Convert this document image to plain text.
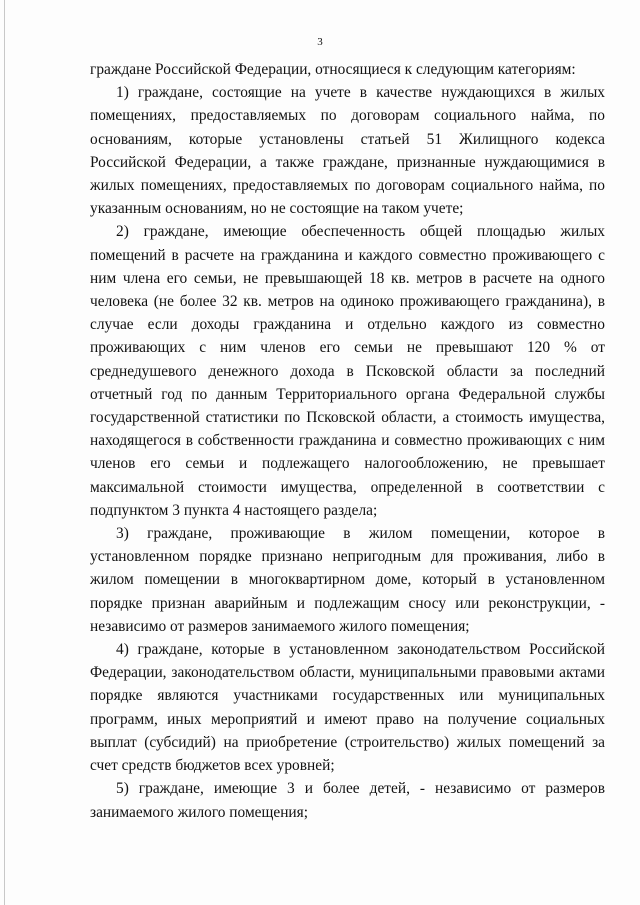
3

граждане Российской Федерации, относящиеся к следующим категориям:

1) граждане, состоящие на учете в качестве нуждающихся в жилых помещениях, предоставляемых по договорам социального найма, по основаниям, которые установлены статьей 51 Жилищного кодекса Российской Федерации, а также граждане, признанные нуждающимися в жилых помещениях, предоставляемых по договорам социального найма, по указанным основаниям, но не состоящие на таком учете;

2) граждане, имеющие обеспеченность общей площадью жилых помещений в расчете на гражданина и каждого совместно проживающего с ним члена его семьи, не превышающей 18 кв. метров в расчете на одного человека (не более 32 кв. метров на одиноко проживающего гражданина), в случае если доходы гражданина и отдельно каждого из совместно проживающих с ним членов его семьи не превышают 120 % от среднедушевого денежного дохода в Псковской области за последний отчетный год по данным Территориального органа Федеральной службы государственной статистики по Псковской области, а стоимость имущества, находящегося в собственности гражданина и совместно проживающих с ним членов его семьи и подлежащего налогообложению, не превышает максимальной стоимости имущества, определенной в соответствии с подпунктом 3 пункта 4 настоящего раздела;

3) граждане, проживающие в жилом помещении, которое в установленном порядке признано непригодным для проживания, либо в жилом помещении в многоквартирном доме, который в установленном порядке признан аварийным и подлежащим сносу или реконструкции, - независимо от размеров занимаемого жилого помещения;

4) граждане, которые в установленном законодательством Российской Федерации, законодательством области, муниципальными правовыми актами порядке являются участниками государственных или муниципальных программ, иных мероприятий и имеют право на получение социальных выплат (субсидий) на приобретение (строительство) жилых помещений за счет средств бюджетов всех уровней;

5) граждане, имеющие 3 и более детей, - независимо от размеров занимаемого жилого помещения;
